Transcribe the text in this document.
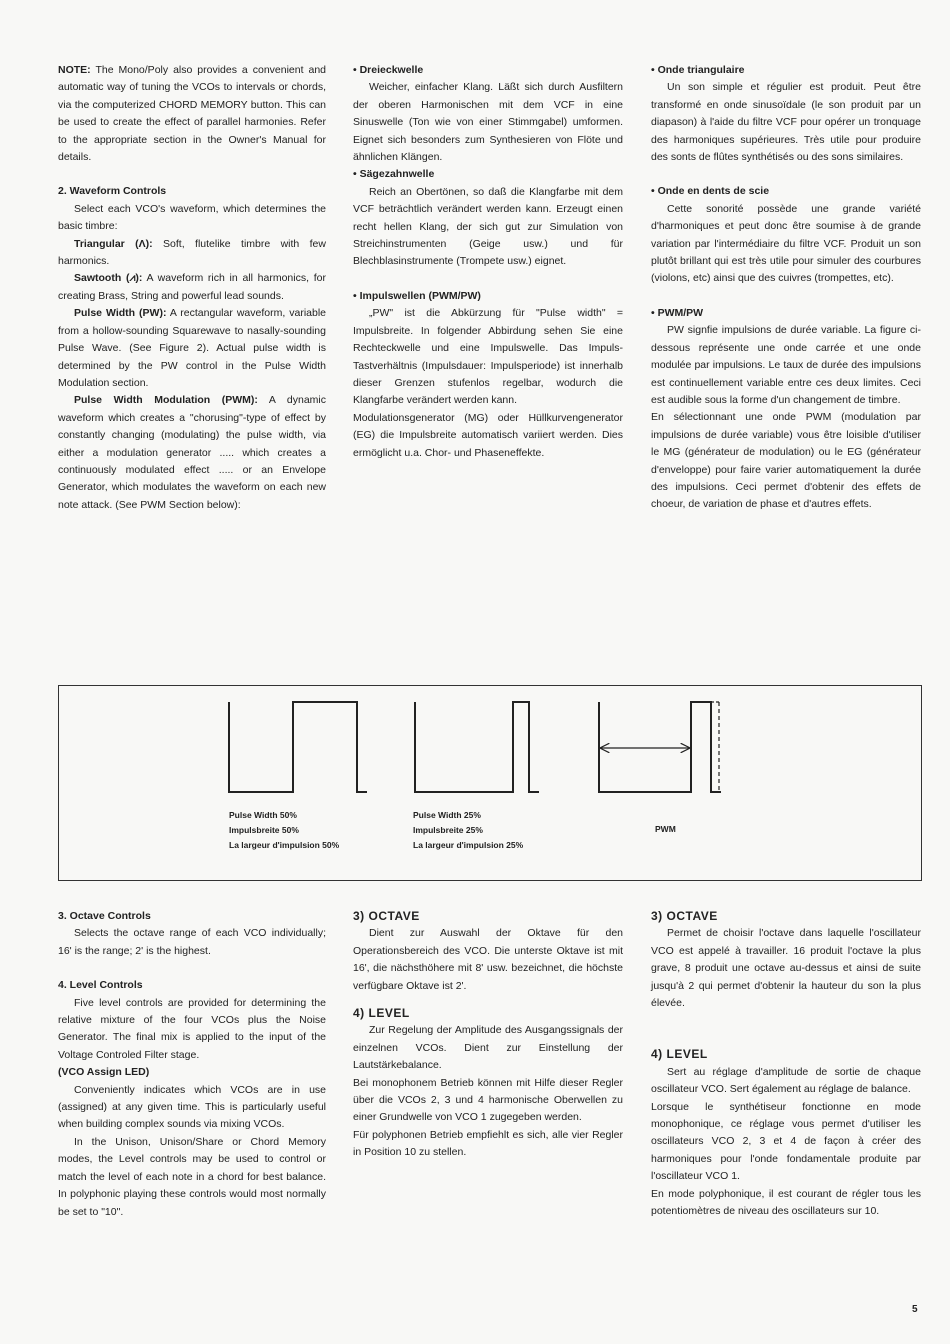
NOTE: The Mono/Poly also provides a convenient and automatic way of tuning the VCOs to intervals or chords, via the computerized CHORD MEMORY button. This can be used to create the effect of parallel harmonies. Refer to the appropriate section in the Owner's Manual for details.

2. Waveform Controls

Select each VCO's waveform, which determines the basic timbre:

Triangular (Λ): Soft, flutelike timbre with few harmonics.

Sawtooth (⩘): A waveform rich in all harmonics, for creating Brass, String and powerful lead sounds.

Pulse Width (PW): A rectangular waveform, variable from a hollow-sounding Squarewave to nasally-sounding Pulse Wave. (See Figure 2). Actual pulse width is determined by the PW control in the Pulse Width Modulation section.

Pulse Width Modulation (PWM): A dynamic waveform which creates a "chorusing"-type of effect by constantly changing (modulating) the pulse width, via either a modulation generator ..... which creates a continuously modulated effect ..... or an Envelope Generator, which modulates the waveform on each new note attack. (See PWM Section below):

• Dreieckwelle

Weicher, einfacher Klang. Läßt sich durch Ausfiltern der oberen Harmonischen mit dem VCF in eine Sinuswelle (Ton wie von einer Stimmgabel) umformen. Eignet sich besonders zum Synthesieren von Flöte und ähnlichen Klängen.

• Sägezahnwelle

Reich an Obertönen, so daß die Klangfarbe mit dem VCF beträchtlich verändert werden kann. Erzeugt einen recht hellen Klang, der sich gut zur Simulation von Streichinstrumenten (Geige usw.) und für Blechblasinstrumente (Trompete usw.) eignet.

• Impulswellen (PWM/PW)

„PW" ist die Abkürzung für "Pulse width" = Impulsbreite. In folgender Abbirdung sehen Sie eine Rechteckwelle und eine Impulswelle. Das Impuls-Tastverhältnis (Impulsdauer: Impulsperiode) ist innerhalb dieser Grenzen stufenlos regelbar, wodurch die Klangfarbe verändert werden kann.

Modulationsgenerator (MG) oder Hüllkurvengenerator (EG) die Impulsbreite automatisch variiert werden. Dies ermöglicht u.a. Chor- und Phaseneffekte.

• Onde triangulaire

Un son simple et régulier est produit. Peut être transformé en onde sinusoïdale (le son produit par un diapason) à l'aide du filtre VCF pour opérer un tronquage des harmoniques supérieures. Très utile pour produire des sonts de flûtes synthétisés ou des sons similaires.

• Onde en dents de scie

Cette sonorité possède une grande variété d'harmoniques et peut donc être soumise à de grande variation par l'intermédiaire du filtre VCF. Produit un son plutôt brillant qui est très utile pour simuler des courbures (violons, etc) ainsi que des cuivres (trompettes, etc).

• PWM/PW

PW signfie impulsions de durée variable. La figure ci-dessous représente une onde carrée et une onde modulée par impulsions. Le taux de durée des impulsions est continuellement variable entre ces deux limites. Ceci est audible sous la forme d'un changement de timbre.

En sélectionnant une onde PWM (modulation par impulsions de durée variable) vous être loisible d'utiliser le MG (générateur de modulation) ou le EG (générateur d'enveloppe) pour faire varier automatiquement la durée des impulsions. Ceci permet d'obtenir des effets de choeur, de variation de phase et d'autres effets.

Pulse Width 50%
Impulsbreite 50%
La largeur d'impulsion 50%
Pulse Width 25%
Impulsbreite 25%
La largeur d'impulsion 25%
PWM

3. Octave Controls

Selects the octave range of each VCO individually; 16' is the range; 2' is the highest.

4. Level Controls

Five level controls are provided for determining the relative mixture of the four VCOs plus the Noise Generator. The final mix is applied to the input of the Voltage Controled Filter stage.

(VCO Assign LED)

Conveniently indicates which VCOs are in use (assigned) at any given time. This is particularly useful when building complex sounds via mixing VCOs.

In the Unison, Unison/Share or Chord Memory modes, the Level controls may be used to control or match the level of each note in a chord for best balance. In polyphonic playing these controls would most normally be set to "10".

3) OCTAVE

Dient zur Auswahl der Oktave für den Operationsbereich des VCO. Die unterste Oktave ist mit 16', die nächsthöhere mit 8' usw. bezeichnet, die höchste verfügbare Oktave ist 2'.

4) LEVEL

Zur Regelung der Amplitude des Ausgangssignals der einzelnen VCOs. Dient zur Einstellung der Lautstärkebalance.

Bei monophonem Betrieb können mit Hilfe dieser Regler über die VCOs 2, 3 und 4 harmonische Oberwellen zu einer Grundwelle von VCO 1 zugegeben werden.

Für polyphonen Betrieb empfiehlt es sich, alle vier Regler in Position 10 zu stellen.

3) OCTAVE

Permet de choisir l'octave dans laquelle l'oscillateur VCO est appelé à travailler. 16 produit l'octave la plus grave, 8 produit une octave au-dessus et ainsi de suite jusqu'à 2 qui permet d'obtenir la hauteur du son la plus élevée.

4) LEVEL

Sert au réglage d'amplitude de sortie de chaque oscillateur VCO. Sert également au réglage de balance.

Lorsque le synthétiseur fonctionne en mode monophonique, ce réglage vous permet d'utiliser les oscillateurs VCO 2, 3 et 4 de façon à créer des harmoniques pour l'onde fondamentale produite par l'oscillateur VCO 1.

En mode polyphonique, il est courant de régler tous les potentiomètres de niveau des oscillateurs sur 10.

5
